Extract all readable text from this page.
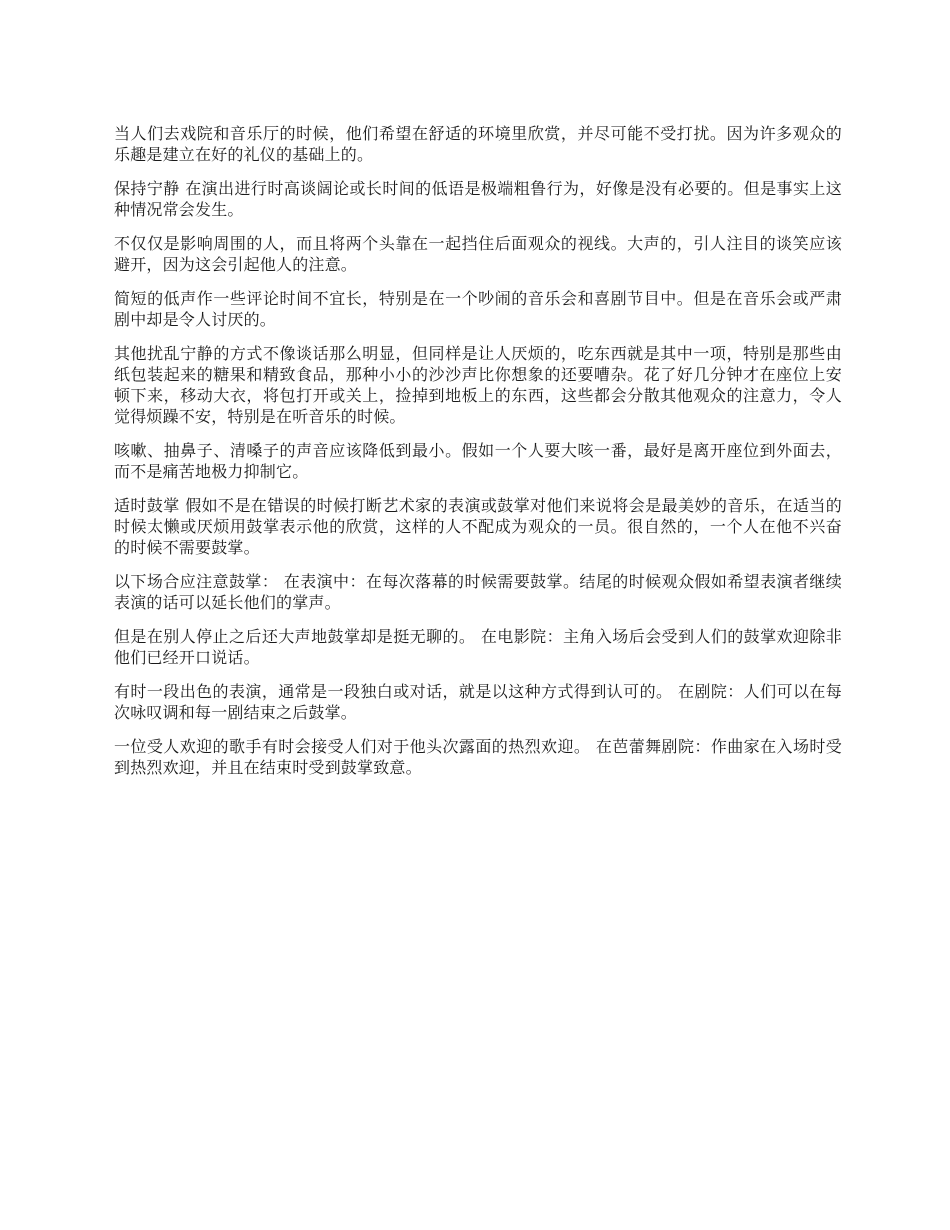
当人们去戏院和音乐厅的时候，他们希望在舒适的环境里欣赏，并尽可能不受打扰。因为许多观众的乐趣是建立在好的礼仪的基础上的。

保持宁静 在演出进行时高谈阔论或长时间的低语是极端粗鲁行为，好像是没有必要的。但是事实上这种情况常会发生。

不仅仅是影响周围的人，而且将两个头靠在一起挡住后面观众的视线。大声的，引人注目的谈笑应该避开，因为这会引起他人的注意。

简短的低声作一些评论时间不宜长，特别是在一个吵闹的音乐会和喜剧节目中。但是在音乐会或严肃剧中却是令人讨厌的。

其他扰乱宁静的方式不像谈话那么明显，但同样是让人厌烦的，吃东西就是其中一项，特别是那些由纸包装起来的糖果和精致食品，那种小小的沙沙声比你想象的还要嘈杂。花了好几分钟才在座位上安顿下来，移动大衣，将包打开或关上，捡掉到地板上的东西，这些都会分散其他观众的注意力，令人觉得烦躁不安，特别是在听音乐的时候。

咳嗽、抽鼻子、清嗓子的声音应该降低到最小。假如一个人要大咳一番，最好是离开座位到外面去，而不是痛苦地极力抑制它。

适时鼓掌 假如不是在错误的时候打断艺术家的表演或鼓掌对他们来说将会是最美妙的音乐，在适当的时候太懒或厌烦用鼓掌表示他的欣赏，这样的人不配成为观众的一员。很自然的，一个人在他不兴奋的时候不需要鼓掌。

以下场合应注意鼓掌： 在表演中：在每次落幕的时候需要鼓掌。结尾的时候观众假如希望表演者继续表演的话可以延长他们的掌声。

但是在别人停止之后还大声地鼓掌却是挺无聊的。 在电影院：主角入场后会受到人们的鼓掌欢迎除非他们已经开口说话。

有时一段出色的表演，通常是一段独白或对话，就是以这种方式得到认可的。 在剧院：人们可以在每次咏叹调和每一剧结束之后鼓掌。

一位受人欢迎的歌手有时会接受人们对于他头次露面的热烈欢迎。 在芭蕾舞剧院：作曲家在入场时受到热烈欢迎，并且在结束时受到鼓掌致意。
